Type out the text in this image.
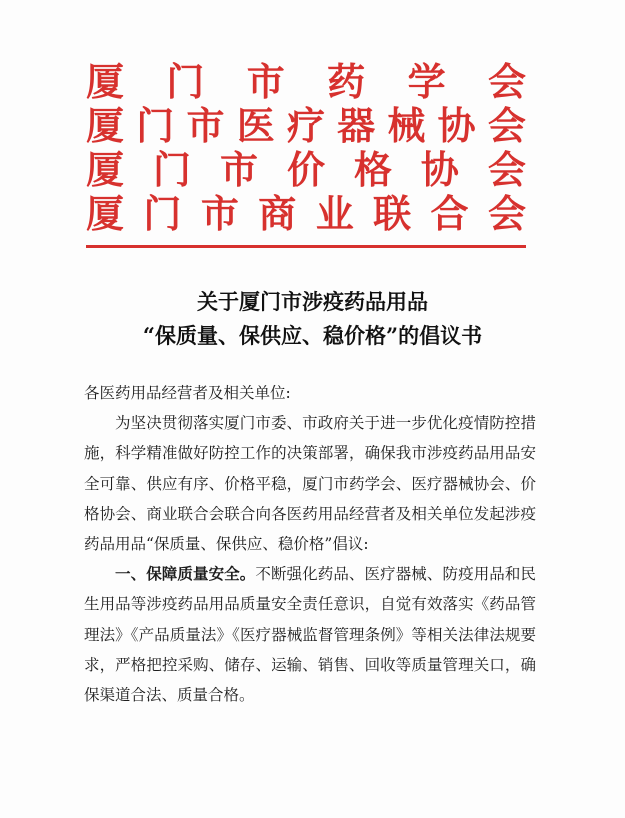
厦 门 市 药 学 会
厦 门 市 医 疗 器 械 协 会
厦 门 市 价 格 协 会
厦 门 市 商 业 联 合 会
关于厦门市涉疫药品用品
“保质量、保供应、稳价格”的倡议书

各医药用品经营者及相关单位:

为坚决贯彻落实厦门市委、市政府关于进一步优化疫情防控措施，科学精准做好防控工作的决策部署，确保我市涉疫药品用品安全可靠、供应有序、价格平稳，厦门市药学会、医疗器械协会、价格协会、商业联合会联合向各医药用品经营者及相关单位发起涉疫药品用品“保质量、保供应、稳价格”倡议:

一、保障质量安全。不断强化药品、医疗器械、防疫用品和民生用品等涉疫药品用品质量安全责任意识，自觉有效落实《药品管理法》《产品质量法》《医疗器械监督管理条例》等相关法律法规要求，严格把控采购、储存、运输、销售、回收等质量管理关口，确保渠道合法、质量合格。
